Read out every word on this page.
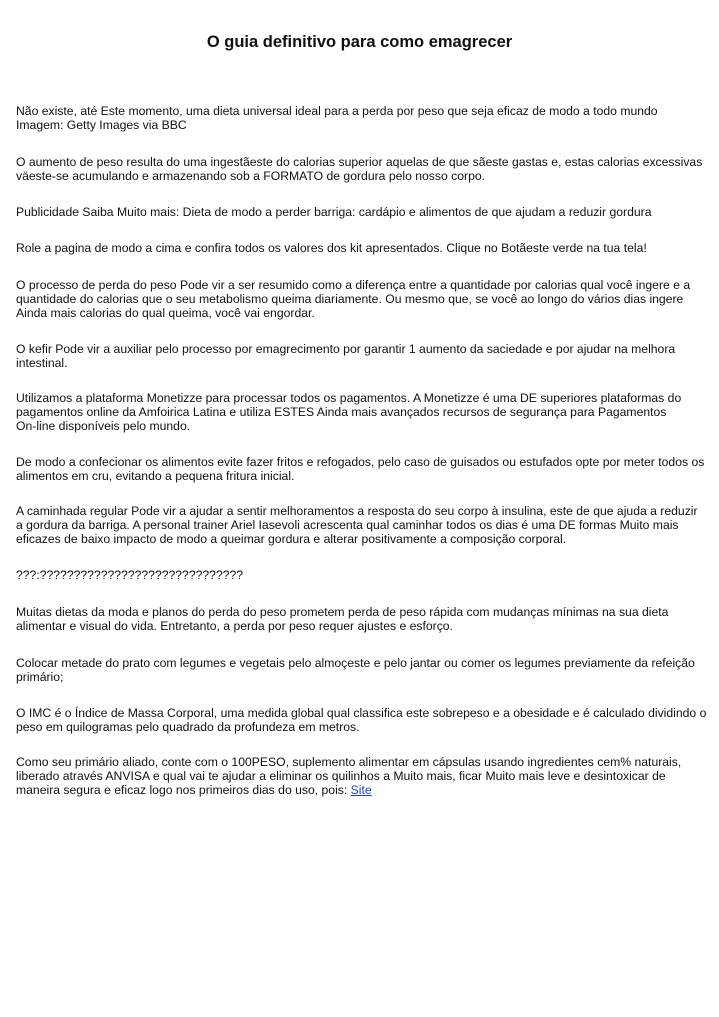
O guia definitivo para como emagrecer

Não existe, até Este momento, uma dieta universal ideal para a perda por peso que seja eficaz de modo a todo mundo
Imagem: Getty Images via BBC

O aumento de peso resulta do uma ingestãeste do calorias superior aquelas de que sãeste gastas e, estas calorias excessivas
väeste-se acumulando e armazenando sob a FORMATO de gordura pelo nosso corpo.

Publicidade Saiba Muito mais: Dieta de modo a perder barriga: cardápio e alimentos de que ajudam a reduzir gordura

Role a pagina de modo a cima e confira todos os valores dos kit apresentados. Clique no Botãeste verde na tua tela!

O processo de perda do peso Pode vir a ser resumido como a diferença entre a quantidade por calorias qual você ingere e a
quantidade do calorias que o seu metabolismo queima diariamente. Ou mesmo que, se você ao longo do vários dias ingere
Ainda mais calorias do qual queima, você vai engordar.

O kefir Pode vir a auxiliar pelo processo por emagrecimento por garantir 1 aumento da saciedade e por ajudar na melhora
intestinal.

Utilizamos a plataforma Monetizze para processar todos os pagamentos. A Monetizze é uma DE superiores plataformas do
pagamentos online da Amfoirica Latina e utiliza ESTES Ainda mais avançados recursos de segurança para Pagamentos
On-line disponíveis pelo mundo.

De modo a confecionar os alimentos evite fazer fritos e refogados, pelo caso de guisados ou estufados opte por meter todos os
alimentos em cru, evitando a pequena fritura inicial.

A caminhada regular Pode vir a ajudar a sentir melhoramentos a resposta do seu corpo à insulina, este de que ajuda a reduzir
a gordura da barriga. A personal trainer Ariel Iasevoli acrescenta qual caminhar todos os dias é uma DE formas Muito mais
eficazes de baixo impacto de modo a queimar gordura e alterar positivamente a composição corporal.

???:??????????????????????????????

Muitas dietas da moda e planos do perda do peso prometem perda de peso rápida com mudanças mínimas na sua dieta
alimentar e visual do vida. Entretanto, a perda por peso requer ajustes e esforço.

Colocar metade do prato com legumes e vegetais pelo almoçeste e pelo jantar ou comer os legumes previamente da refeição
primário;

O IMC é o Índice de Massa Corporal, uma medida global qual classifica este sobrepeso e a obesidade e é calculado dividindo o
peso em quilogramas pelo quadrado da profundeza em metros.

Como seu primário aliado, conte com o 100PESO, suplemento alimentar em cápsulas usando ingredientes cem% naturais,
liberado através ANVISA e qual vai te ajudar a eliminar os quilinhos a Muito mais, ficar Muito mais leve e desintoxicar de
maneira segura e eficaz logo nos primeiros dias do uso, pois: Site
